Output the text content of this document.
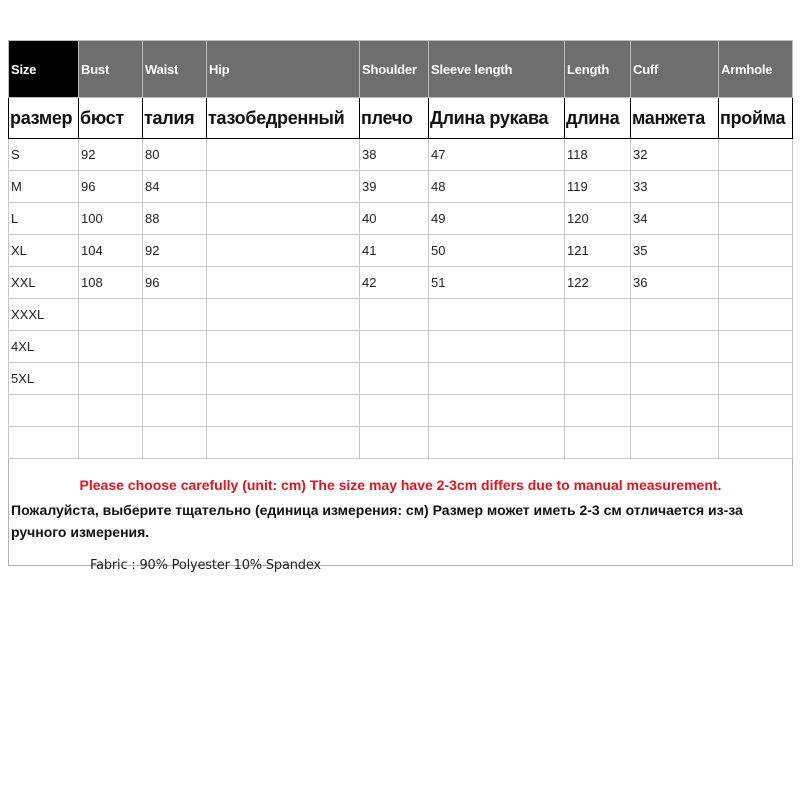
Size	Bust	Waist	Hip	Shoulder	Sleeve length	Length	Cuff	Armhole
размер	бюст	талия	тазобедренный	плечо	Длина рукава	длина	манжета	пройма
S	92	80		38	47	118	32	
M	96	84		39	48	119	33	
L	100	88		40	49	120	34	
XL	104	92		41	50	121	35	
XXL	108	96		42	51	122	36	
XXXL								
4XL								
5XL								

Please choose carefully (unit: cm) The size may have 2-3cm differs due to manual measurement.
Пожалуйста, выберите тщательно (единица измерения: см) Размер может иметь 2-3 см отличается из-за ручного измерения.								
Fabric : 90% Polyester 10% Spandex
